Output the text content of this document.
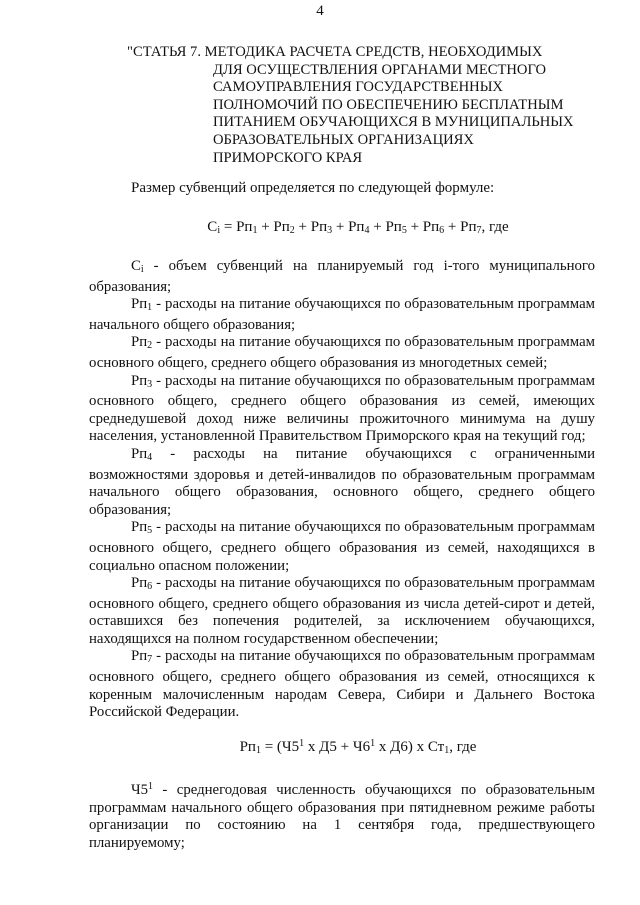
4
"СТАТЬЯ 7. МЕТОДИКА РАСЧЕТА СРЕДСТВ, НЕОБХОДИМЫХ
ДЛЯ ОСУЩЕСТВЛЕНИЯ ОРГАНАМИ МЕСТНОГО
САМОУПРАВЛЕНИЯ ГОСУДАРСТВЕННЫХ
ПОЛНОМОЧИЙ ПО ОБЕСПЕЧЕНИЮ БЕСПЛАТНЫМ
ПИТАНИЕМ ОБУЧАЮЩИХСЯ В МУНИЦИПАЛЬНЫХ
ОБРАЗОВАТЕЛЬНЫХ ОРГАНИЗАЦИЯХ
ПРИМОРСКОГО КРАЯ
Размер субвенций определяется по следующей формуле:
$C_i = Рп_1 + Рп_2 + Рп_3 + Рп_4 + Рп_5 + Рп_6 + Рп_7$, где

$C_i$ - объем субвенций на планируемый год i-того муниципального образования;

$Рп_1$ - расходы на питание обучающихся по образовательным программам начального общего образования;

$Рп_2$ - расходы на питание обучающихся по образовательным программам основного общего, среднего общего образования из многодетных семей;

$Рп_3$ - расходы на питание обучающихся по образовательным программам основного общего, среднего общего образования из семей, имеющих среднедушевой доход ниже величины прожиточного минимума на душу населения, установленной Правительством Приморского края на текущий год;

$Рп_4$ - расходы на питание обучающихся с ограниченными возможностями здоровья и детей-инвалидов по образовательным программам начального общего образования, основного общего, среднего общего образования;

$Рп_5$ - расходы на питание обучающихся по образовательным программам основного общего, среднего общего образования из семей, находящихся в социально опасном положении;

$Рп_6$ - расходы на питание обучающихся по образовательным программам основного общего, среднего общего образования из числа детей-сирот и детей, оставшихся без попечения родителей, за исключением обучающихся, находящихся на полном государственном обеспечении;

$Рп_7$ - расходы на питание обучающихся по образовательным программам основного общего, среднего общего образования из семей, относящихся к коренным малочисленным народам Севера, Сибири и Дальнего Востока Российской Федерации.

$Рп_1 = (Ч5^1$ х $Д5 + Ч6^1$ х Д6) х $Ст_1$, где

$Ч5^1$ - среднегодовая численность обучающихся по образовательным программам начального общего образования при пятидневном режиме работы организации по состоянию на 1 сентября года, предшествующего планируемому;
